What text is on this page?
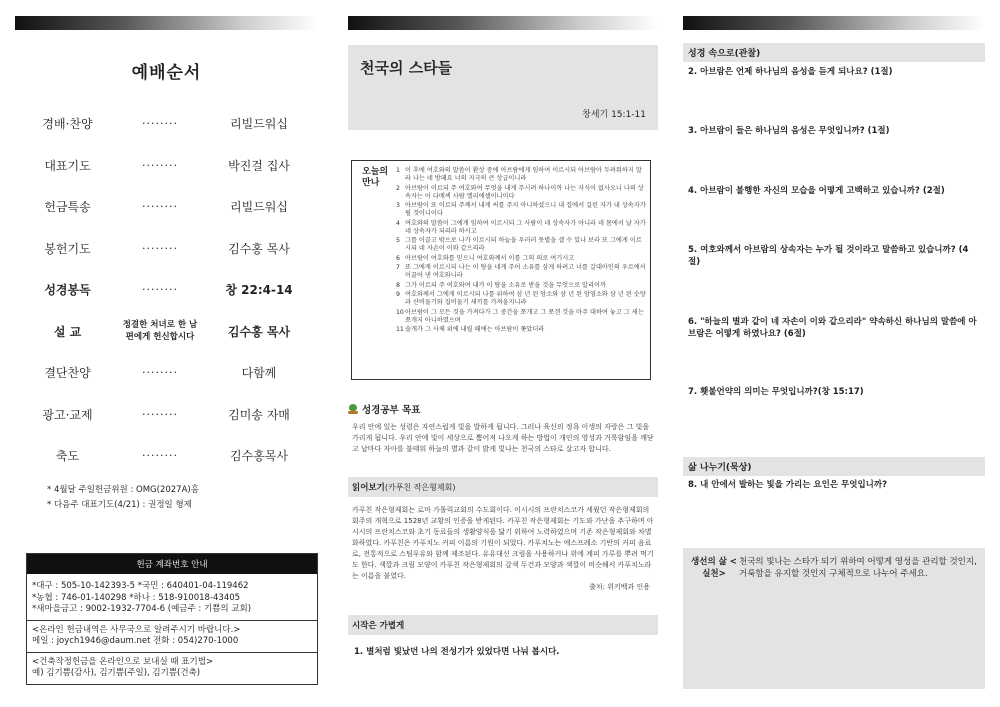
예배순서
경배·찬양	········	리빌드워십
대표기도	········	박진걸 집사
헌금특송	········	리빌드워십
봉헌기도	········	김수홍 목사
성경봉독	········	창 22:4-14
설 교	정결한 처녀로 한 남편에게 헌신합시다	김수홍 목사
결단찬양	········	다함께
광고·교제	········	김미송 자매
축도	········	김수홍목사
* 4월달 주일헌금위원 : OMG(2027A)홈
* 다음주 대표기도(4/21) : 권정일 형제
헌금 계좌번호 안내
*대구 : 505-10-142393-5 *국민 : 640401-04-119462
*농협 : 746-01-140298 *하나 : 518-910018-43405
*새마을금고 : 9002-1932-7704-6 (예금주 : 기쁨의 교회)
<온라인 헌금내역은 사무국으로 알려주시기 바랍니다.>
메일 : joych1946@daum.net 전화 : 054)270-1000
<건축작정헌금을 온라인으로 보내실 때 표기법>
예) 김기쁨(감사), 김기쁨(주일), 김기쁨(건축)
천국의 스타들
창세기 15:1-11
오늘의 만나
1 이 후에 여호와의 말씀이 환상 중에 아브람에게 임하여 이르시되 아브람아 두려워하지 말라 나는 네 방패요 너의 지극히 큰 상급이니라
2 아브람이 이르되 주 여호와여 무엇을 내게 주시려 하나이까 나는 자식이 없사오니 나의 상속자는 이 다메섹 사람 엘리에셀이니이다
3 아브람이 또 이르되 주께서 내게 씨를 주지 아니하셨으니 내 집에서 길린 자가 내 상속자가 될 것이니이다
4 여호와의 말씀이 그에게 임하여 이르시되 그 사람이 네 상속자가 아니라 네 몸에서 날 자가 네 상속자가 되리라 하시고
5 그를 이끌고 밖으로 나가 이르시되 하늘을 우러러 뭇별을 셀 수 있나 보라 또 그에게 이르시되 네 자손이 이와 같으리라
6 아브람이 여호와를 믿으니 여호와께서 이를 그의 의로 여기시고
7 또 그에게 이르시되 나는 이 땅을 네게 주어 소유를 삼게 하려고 너를 갈대아인의 우르에서 이끌어 낸 여호와니라
8 그가 이르되 주 여호와여 내가 이 땅을 소유로 받을 것을 무엇으로 알리이까
9 여호와께서 그에게 이르시되 나를 위하여 삼 년 된 암소와 삼 년 된 암염소와 삼 년 된 숫양과 산비둘기와 집비둘기 새끼를 가져올지니라
10 아브람이 그 모든 것을 가져다가 그 중간을 쪼개고 그 쪼갠 것을 마주 대하여 놓고 그 새는 쪼개지 아니하였으며
11 솔개가 그 사체 위에 내릴 때에는 아브람이 쫓았더라
성경공부 목표
우리 안에 있는 성령은 자연스럽게 빛을 발하게 됩니다. 그러나 육신의 정욕 이생의 자랑은 그 빛을 가리게 됩니다. 우리 안에 빛이 세상으로 뿜어져 나오게 하는 방법이 개인의 영성과 거룩함임을 깨닫고 날마다 자아를 불태워 하늘의 별과 같이 밝게 빛나는 천국의 스타로 살고자 합니다.
읽어보기(카푸친 작은형제회)
카푸친 작은형제회는 로마 가톨릭교회의 수도회이다. 이시시의 프란치스코가 세웠던 작은형제회의 회주의 개혁으로 1528년 교황의 인증을 받게된다. 카푸친 작은형제회는 기도와 가난을 추구하며 아시시의 프란치스코와 초기 동료들의 생활양식을 닮기 위하여 노력하였으며 기존 작은형제회와 차별화하였다. 카푸친은 카푸치노 커피 이름의 기원이 되었다. 카푸치노는 에스프레소 기반의 커피 음료로, 전통적으로 스팀우유와 함께 제조된다. 유유대신 크림을 사용하거나 위에 계피 가루를 뿌려 먹기도 한다. 색깔과 크림 모양이 카푸친 작은형제회의 갈색 두건과 모양과 색깔이 비슷해서 카푸치노라는 이름을 붙였다.
출처: 위키백과 인용
시작은 가볍게
1. 별처럼 빛났던 나의 전성기가 있었다면 나눠 봅시다.
성경 속으로(관찰)
2. 아브람은 언제 하나님의 음성을 듣게 되나요? (1절)
3. 아브람이 들은 하나님의 음성은 무엇입니까? (1절)
4. 아브람이 불행한 자신의 모습을 어떻게 고백하고 있습니까? (2절)
5. 여호와께서 아브람의 상속자는 누가 될 것이라고 말씀하고 있습니까? (4절)
6. "하늘의 별과 같이 네 자손이 이와 같으리라" 약속하신 하나님의 말씀에 아브람은 어떻게 하였나요? (6절)
7. 횃불언약의 의미는 무엇입니까?(창 15:17)
삶 나누기(묵상)
8. 내 안에서 발하는 빛을 가리는 요인은 무엇입니까?
생선의 삶 <실천>
천국의 빛나는 스타가 되기 위하여 어떻게 영성을 관리할 것인지, 거룩함을 유지할 것인지 구체적으로 나누어 주세요.
